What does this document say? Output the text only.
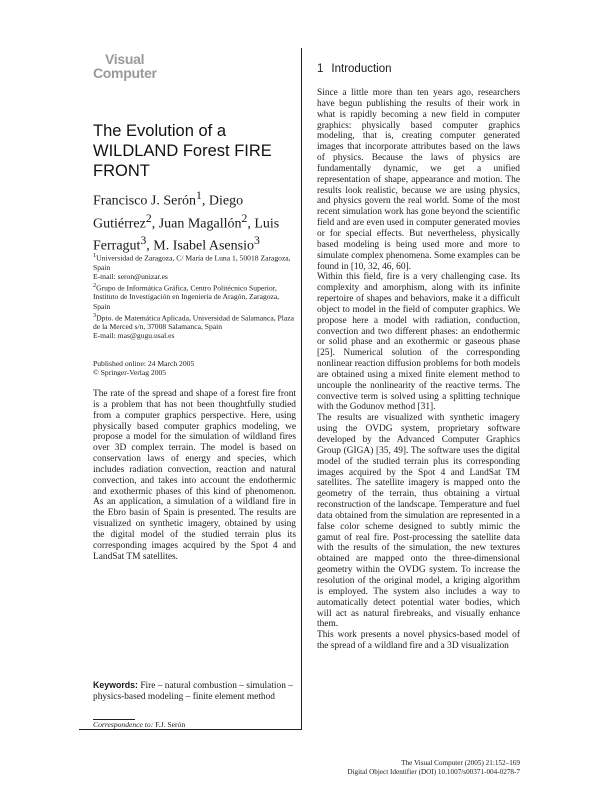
Visual
Computer
The Evolution of a WILDLAND Forest FIRE FRONT
Francisco J. Serón$^1$, Diego Gutiérrez$^2$, Juan Magallón$^2$, Luis Ferragut$^3$, M. Isabel Asensio$^3$

$^1$Universidad de Zaragoza, C/ María de Luna 1, 50018 Zaragoza, Spain

E-mail: seron@unizar.es

$^2$Grupo de Informática Gráfica, Centro Politécnico Superior, Instituto de Investigación en Ingeniería de Aragón, Zaragoza, Spain

$^3$Dpto. de Matemática Aplicada, Universidad de Salamanca, Plaza de la Merced s/n, 37008 Salamanca, Spain

E-mail: mas@gugu.usal.es

Published online: 24 March 2005

© Springer-Verlag 2005

The rate of the spread and shape of a forest fire front is a problem that has not been thoughtfully studied from a computer graphics perspective. Here, using physically based computer graphics modeling, we propose a model for the simulation of wildland fires over 3D complex terrain. The model is based on conservation laws of energy and species, which includes radiation convection, reaction and natural convection, and takes into account the endothermic and exothermic phases of this kind of phenomenon. As an application, a simulation of a wildland fire in the Ebro basin of Spain is presented. The results are visualized on synthetic imagery, obtained by using the digital model of the studied terrain plus its corresponding images acquired by the Spot 4 and LandSat TM satellites.

Keywords: Fire – natural combustion – simulation – physics-based modeling – finite element method

Correspondence to: F.J. Serón
1 Introduction

Since a little more than ten years ago, researchers have begun publishing the results of their work in what is rapidly becoming a new field in computer graphics: physically based computer graphics modeling, that is, creating computer generated images that incorporate attributes based on the laws of physics. Because the laws of physics are fundamentally dynamic, we get a unified representation of shape, appearance and motion. The results look realistic, because we are using physics, and physics govern the real world. Some of the most recent simulation work has gone beyond the scientific field and are even used in computer generated movies or for special effects. But nevertheless, physically based modeling is being used more and more to simulate complex phenomena. Some examples can be found in [10, 32, 46, 60].

Within this field, fire is a very challenging case. Its complexity and amorphism, along with its infinite repertoire of shapes and behaviors, make it a difficult object to model in the field of computer graphics. We propose here a model with radiation, conduction, convection and two different phases: an endothermic or solid phase and an exothermic or gaseous phase [25]. Numerical solution of the corresponding nonlinear reaction diffusion problems for both models are obtained using a mixed finite element method to uncouple the nonlinearity of the reactive terms. The convective term is solved using a splitting technique with the Godunov method [31].

The results are visualized with synthetic imagery using the OVDG system, proprietary software developed by the Advanced Computer Graphics Group (GIGA) [35, 49]. The software uses the digital model of the studied terrain plus its corresponding images acquired by the Spot 4 and LandSat TM satellites. The satellite imagery is mapped onto the geometry of the terrain, thus obtaining a virtual reconstruction of the landscape. Temperature and fuel data obtained from the simulation are represented in a false color scheme designed to subtly mimic the gamut of real fire. Post-processing the satellite data with the results of the simulation, the new textures obtained are mapped onto the three-dimensional geometry within the OVDG system. To increase the resolution of the original model, a kriging algorithm is employed. The system also includes a way to automatically detect potential water bodies, which will act as natural firebreaks, and visually enhance them.

This work presents a novel physics-based model of the spread of a wildland fire and a 3D visualization

The Visual Computer (2005) 21:152–169

Digital Object Identifier (DOI) 10.1007/s00371-004-0278-7
